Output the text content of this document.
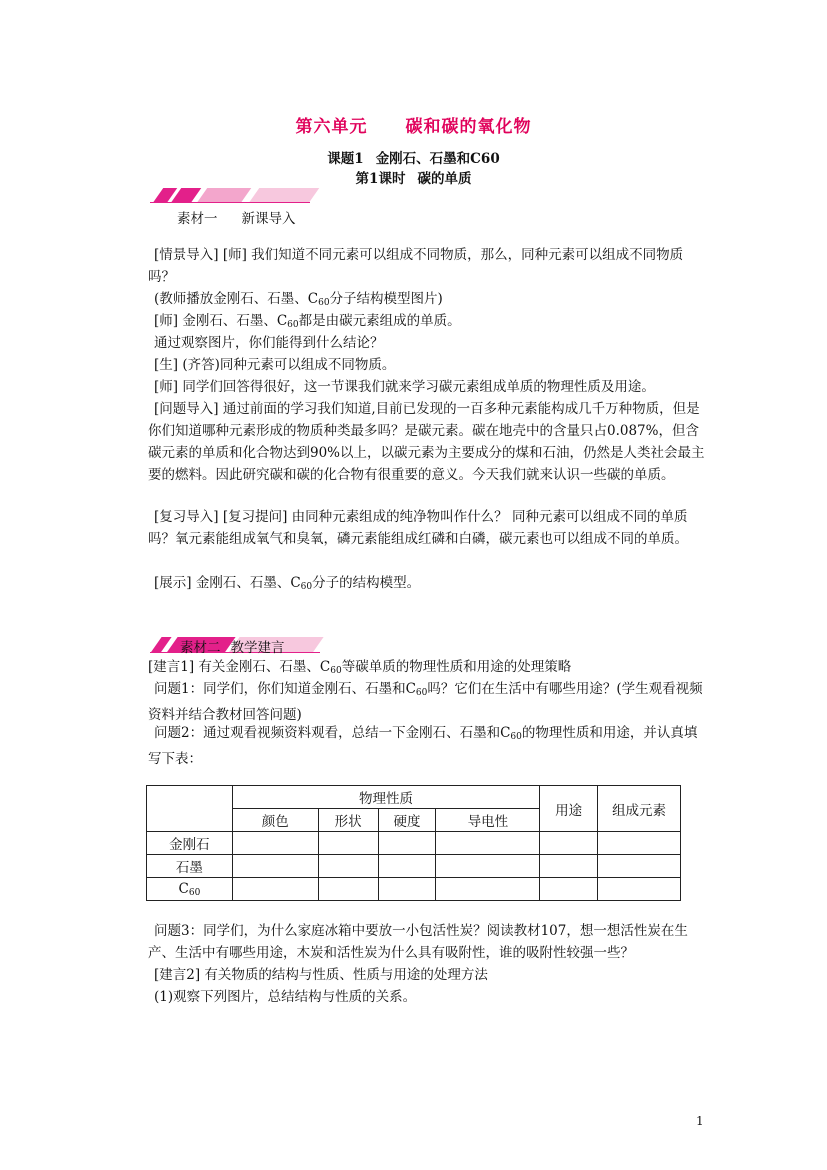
第六单元 碳和碳的氧化物
课题1 金刚石、石墨和C60
第1课时 碳的单质
素材一 新课导入

[情景导入] [师] 我们知道不同元素可以组成不同物质，那么，同种元素可以组成不同物质吗？

(教师播放金刚石、石墨、C60分子结构模型图片)

[师] 金刚石、石墨、C60都是由碳元素组成的单质。

通过观察图片，你们能得到什么结论？

[生] (齐答)同种元素可以组成不同物质。

[师] 同学们回答得很好，这一节课我们就来学习碳元素组成单质的物理性质及用途。

[问题导入] 通过前面的学习我们知道,目前已发现的一百多种元素能构成几千万种物质，但是你们知道哪种元素形成的物质种类最多吗？是碳元素。碳在地壳中的含量只占0.087%，但含碳元素的单质和化合物达到90%以上，以碳元素为主要成分的煤和石油，仍然是人类社会最主要的燃料。因此研究碳和碳的化合物有很重要的意义。今天我们就来认识一些碳的单质。

[复习导入] [复习提问] 由同种元素组成的纯净物叫作什么？ 同种元素可以组成不同的单质吗？氧元素能组成氧气和臭氧，磷元素能组成红磷和白磷，碳元素也可以组成不同的单质。

[展示] 金刚石、石墨、C60分子的结构模型。

素材二 教学建言

[建言1] 有关金刚石、石墨、C60等碳单质的物理性质和用途的处理策略

问题1：同学们，你们知道金刚石、石墨和C60吗？它们在生活中有哪些用途？(学生观看视频资料并结合教材回答问题)

问题2：通过观看视频资料观看，总结一下金刚石、石墨和C60的物理性质和用途，并认真填写下表：

	物理性质				用途	组成元素
	颜色	形状	硬度	导电性		
金刚石						
石墨						
C60						

问题3：同学们，为什么家庭冰箱中要放一小包活性炭？阅读教材107，想一想活性炭在生产、生活中有哪些用途，木炭和活性炭为什么具有吸附性，谁的吸附性较强一些？

[建言2] 有关物质的结构与性质、性质与用途的处理方法

(1)观察下列图片，总结结构与性质的关系。

1
